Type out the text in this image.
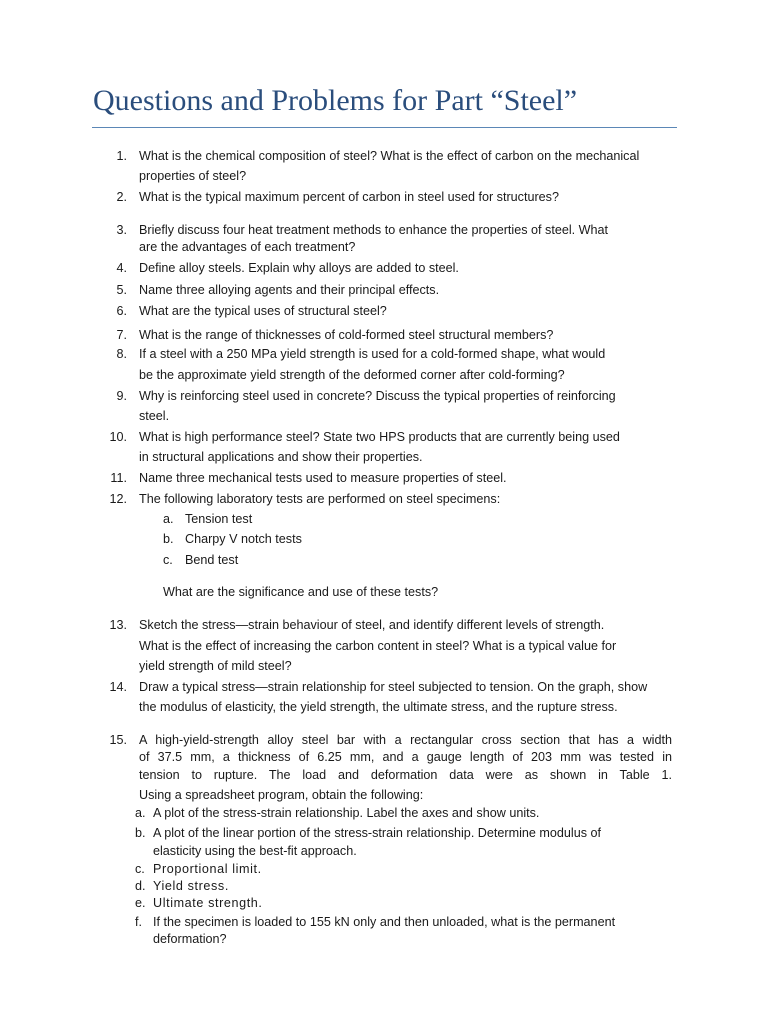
Questions and Problems for Part “Steel”
1. What is the chemical composition of steel? What is the effect of carbon on the mechanical
properties of steel?
2. What is the typical maximum percent of carbon in steel used for structures?
3. Briefly discuss four heat treatment methods to enhance the properties of steel. What
are the advantages of each treatment?
4. Define alloy steels. Explain why alloys are added to steel.
5. Name three alloying agents and their principal effects.
6. What are the typical uses of structural steel?
7. What is the range of thicknesses of cold-formed steel structural members?
8. If a steel with a 250 MPa yield strength is used for a cold-formed shape, what would
be the approximate yield strength of the deformed corner after cold-forming?
9. Why is reinforcing steel used in concrete? Discuss the typical properties of reinforcing
steel.
10. What is high performance steel? State two HPS products that are currently being used
in structural applications and show their properties.
11. Name three mechanical tests used to measure properties of steel.
12. The following laboratory tests are performed on steel specimens:
13. Sketch the stress—strain behaviour of steel, and identify different levels of strength.
What is the effect of increasing the carbon content in steel? What is a typical value for
yield strength of mild steel?
14. Draw a typical stress—strain relationship for steel subjected to tension. On the graph, show
the modulus of elasticity, the yield strength, the ultimate stress, and the rupture stress.
15. A high-yield-strength alloy steel bar with a rectangular cross section that has a width
of 37.5 mm, a thickness of 6.25 mm, and a gauge length of 203 mm was tested in
tension to rupture. The load and deformation data were as shown in Table 1.
Using a spreadsheet program, obtain the following:
a. Tension test
b. Charpy V notch tests
c. Bend test
What are the significance and use of these tests?
a. A plot of the stress-strain relationship. Label the axes and show units.
b. A plot of the linear portion of the stress-strain relationship. Determine modulus of
elasticity using the best-fit approach.
c. Proportional limit.
d. Yield stress.
e. Ultimate strength.
f. If the specimen is loaded to 155 kN only and then unloaded, what is the permanent
deformation?
